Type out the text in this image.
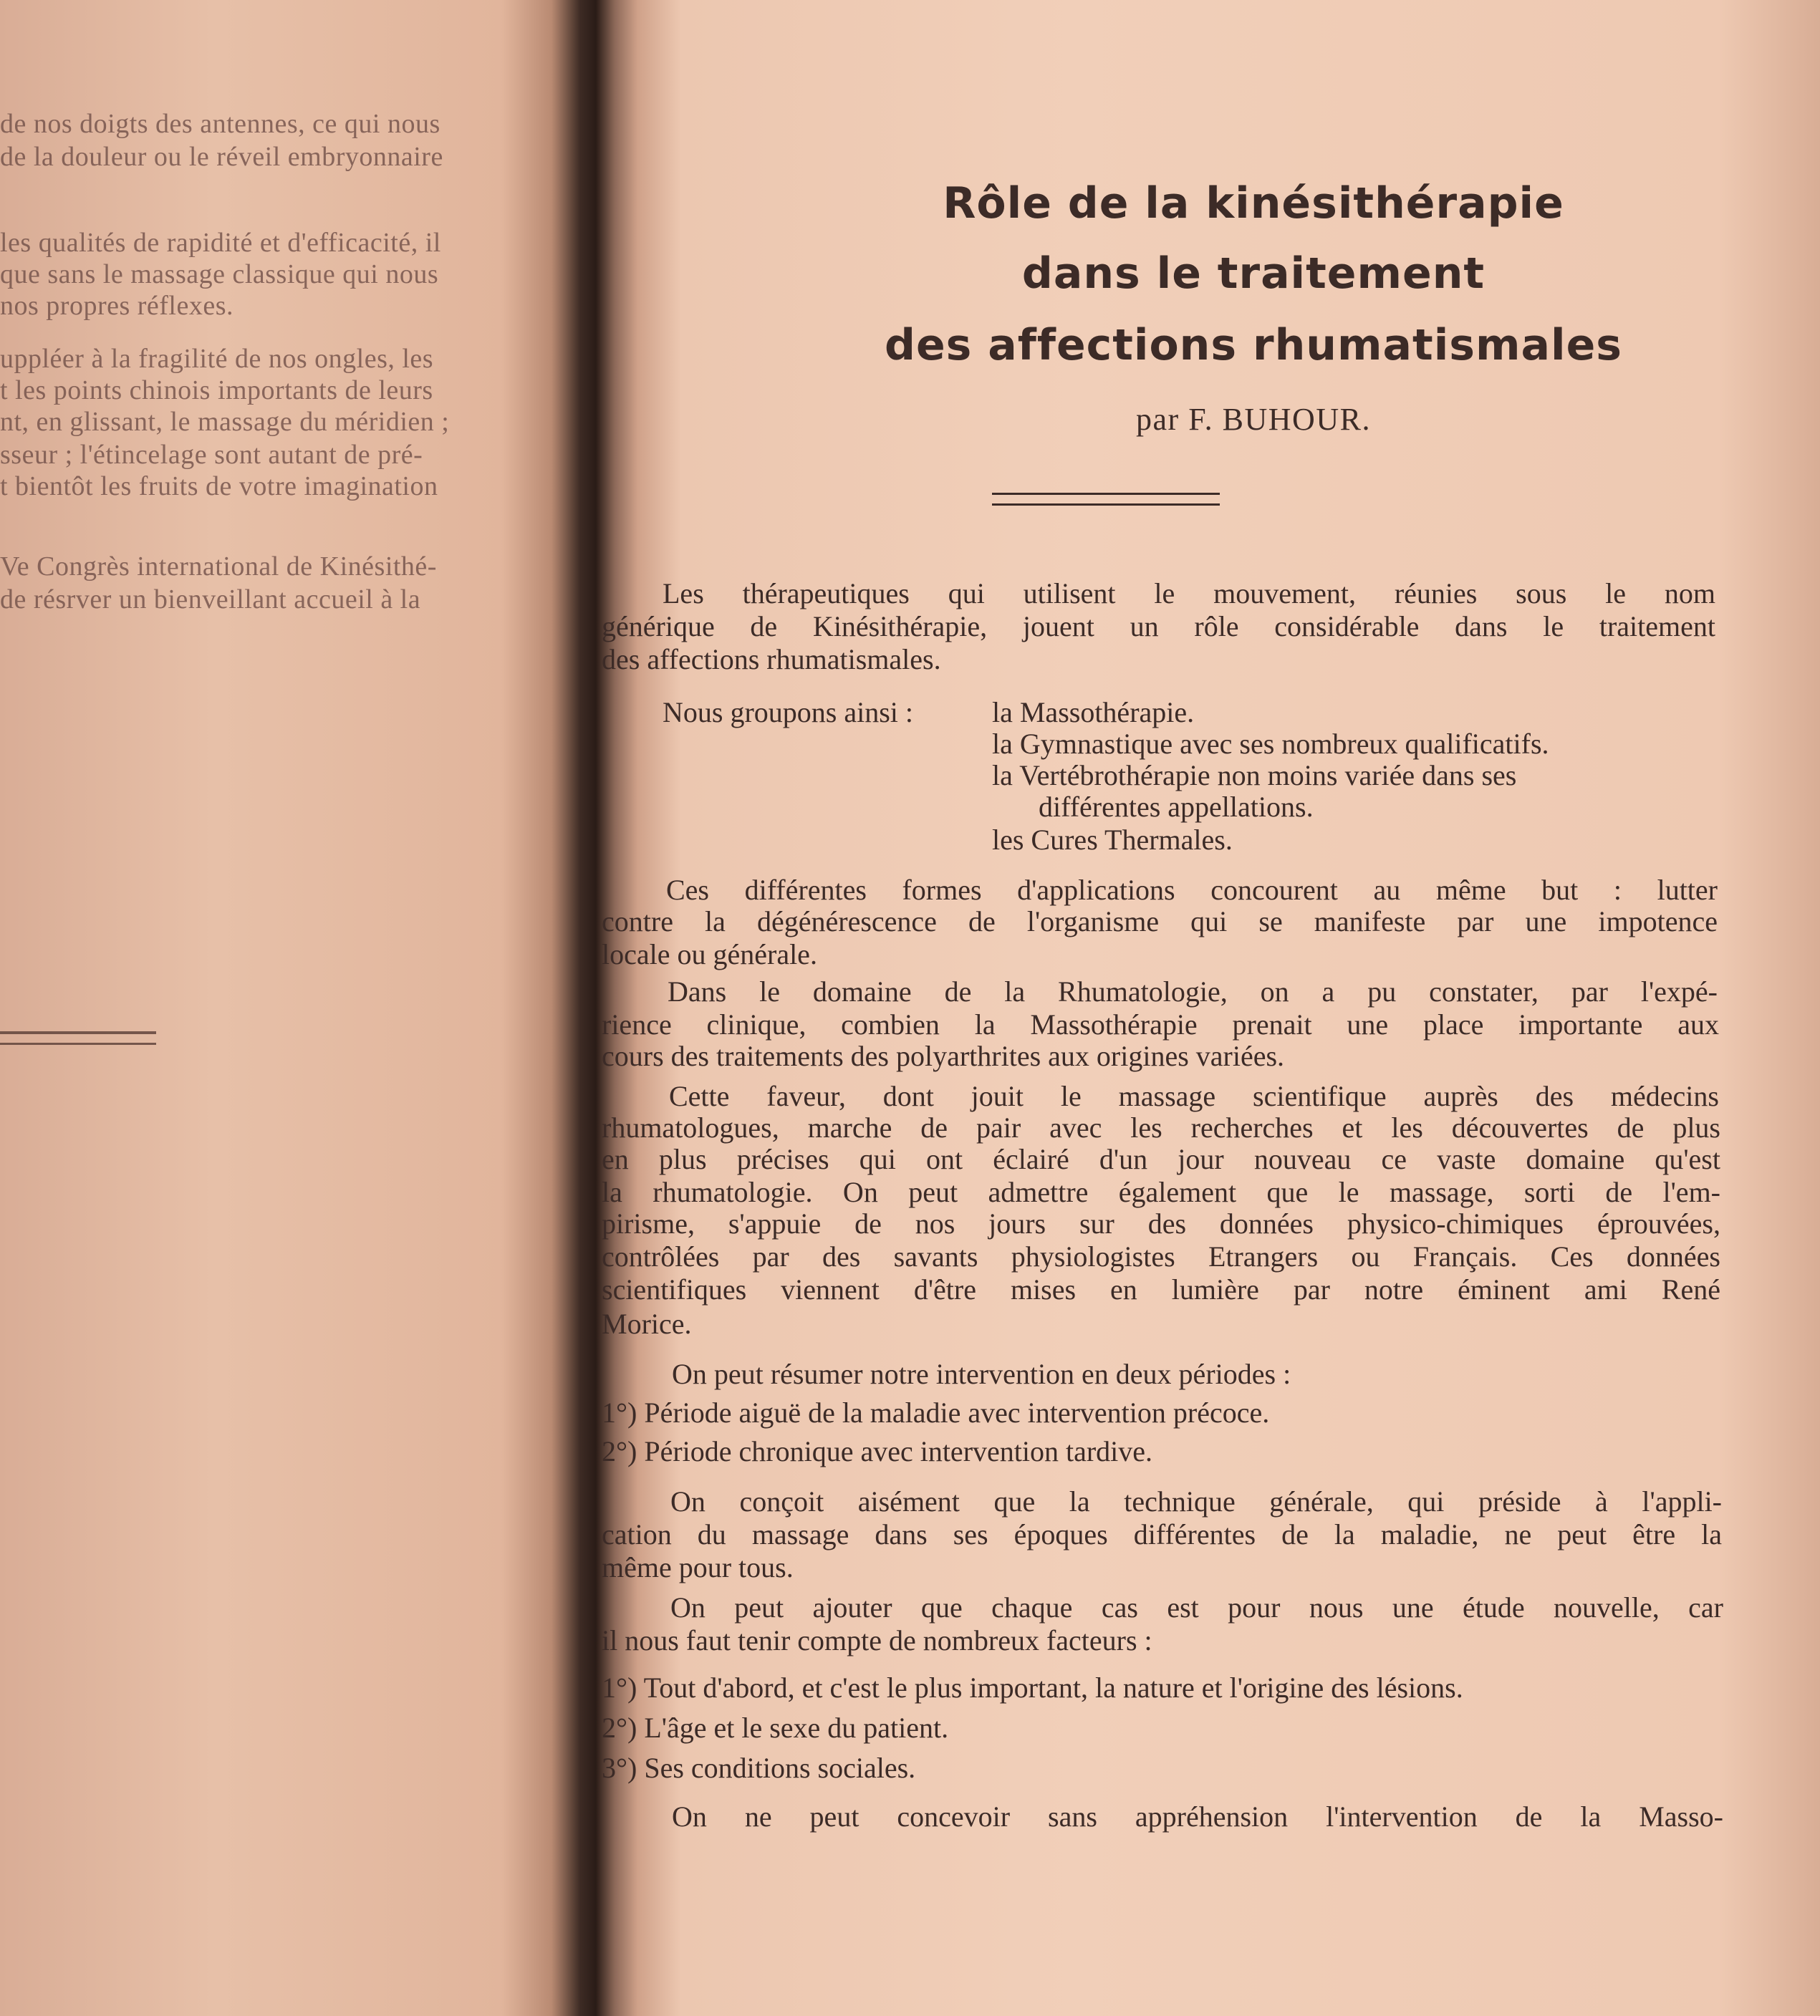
de nos doigts des antennes, ce qui nous

de la douleur ou le réveil embryonnaire

les qualités de rapidité et d'efficacité, il

que sans le massage classique qui nous

nos propres réflexes.

uppléer à la fragilité de nos ongles, les

t les points chinois importants de leurs

nt, en glissant, le massage du méridien ;

sseur ; l'étincelage sont autant de pré-

t bientôt les fruits de votre imagination

Ve Congrès international de Kinésithé-

de résrver un bienveillant accueil à la

Rôle de la kinésithérapie
dans le traitement
des affections rhumatismales

par F. BUHOUR.

Les thérapeutiques qui utilisent le mouvement, réunies sous le nom

générique de Kinésithérapie, jouent un rôle considérable dans le traitement

des affections rhumatismales.

Nous groupons ainsi :	la Massothérapie.

la Gymnastique avec ses nombreux qualificatifs.

la Vertébrothérapie non moins variée dans ses

différentes appellations.

les Cures Thermales.

Ces différentes formes d'applications concourent au même but : lutter

contre la dégénérescence de l'organisme qui se manifeste par une impotence

locale ou générale.

Dans le domaine de la Rhumatologie, on a pu constater, par l'expé-

rience clinique, combien la Massothérapie prenait une place importante aux

cours des traitements des polyarthrites aux origines variées.

Cette faveur, dont jouit le massage scientifique auprès des médecins

rhumatologues, marche de pair avec les recherches et les découvertes de plus

en plus précises qui ont éclairé d'un jour nouveau ce vaste domaine qu'est

la rhumatologie. On peut admettre également que le massage, sorti de l'em-

pirisme, s'appuie de nos jours sur des données physico-chimiques éprouvées,

contrôlées par des savants physiologistes Etrangers ou Français. Ces données

scientifiques viennent d'être mises en lumière par notre éminent ami René

Morice.

On peut résumer notre intervention en deux périodes :

1°) Période aiguë de la maladie avec intervention précoce.

2°) Période chronique avec intervention tardive.

On conçoit aisément que la technique générale, qui préside à l'appli-

cation du massage dans ses époques différentes de la maladie, ne peut être la

même pour tous.

On peut ajouter que chaque cas est pour nous une étude nouvelle, car

il nous faut tenir compte de nombreux facteurs :

1°) Tout d'abord, et c'est le plus important, la nature et l'origine des lésions.

2°) L'âge et le sexe du patient.

3°) Ses conditions sociales.

On ne peut concevoir sans appréhension l'intervention de la Masso-
